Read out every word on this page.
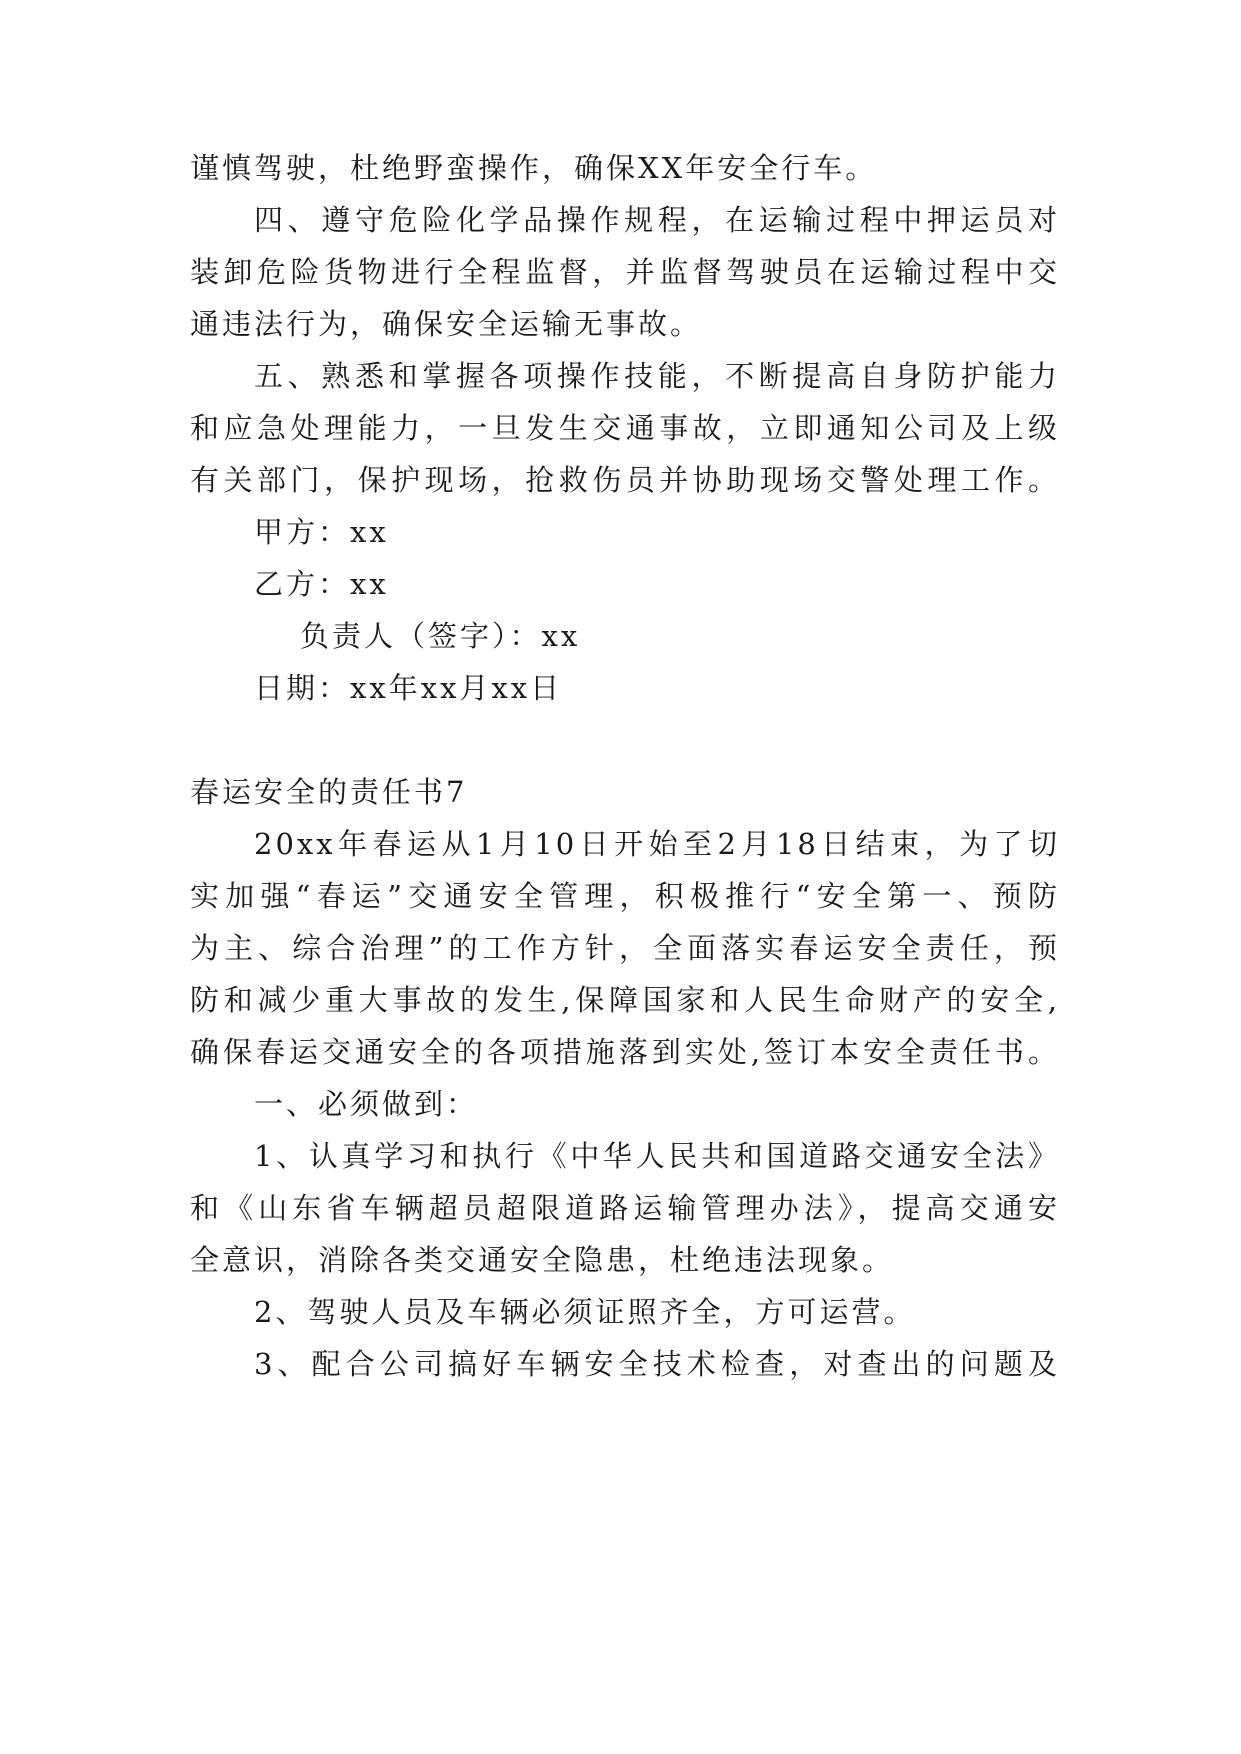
谨慎驾驶，杜绝野蛮操作，确保XX年安全行车。
四、遵守危险化学品操作规程，在运输过程中押运员对
装卸危险货物进行全程监督，并监督驾驶员在运输过程中交
通违法行为，确保安全运输无事故。
五、熟悉和掌握各项操作技能，不断提高自身防护能力
和应急处理能力，一旦发生交通事故，立即通知公司及上级
有关部门，保护现场，抢救伤员并协助现场交警处理工作。
甲方：xx
乙方：xx
负责人（签字）：xx
日期：xx年xx月xx日
春运安全的责任书7
20xx年春运从1月10日开始至2月18日结束，为了切
实加强“春运”交通安全管理，积极推行“安全第一、预防
为主、综合治理”的工作方针，全面落实春运安全责任，预
防和减少重大事故的发生,保障国家和人民生命财产的安全,
确保春运交通安全的各项措施落到实处,签订本安全责任书。
一、必须做到：
1、认真学习和执行《中华人民共和国道路交通安全法》
和《山东省车辆超员超限道路运输管理办法》，提高交通安
全意识，消除各类交通安全隐患，杜绝违法现象。
2、驾驶人员及车辆必须证照齐全，方可运营。
3、配合公司搞好车辆安全技术检查，对查出的问题及
